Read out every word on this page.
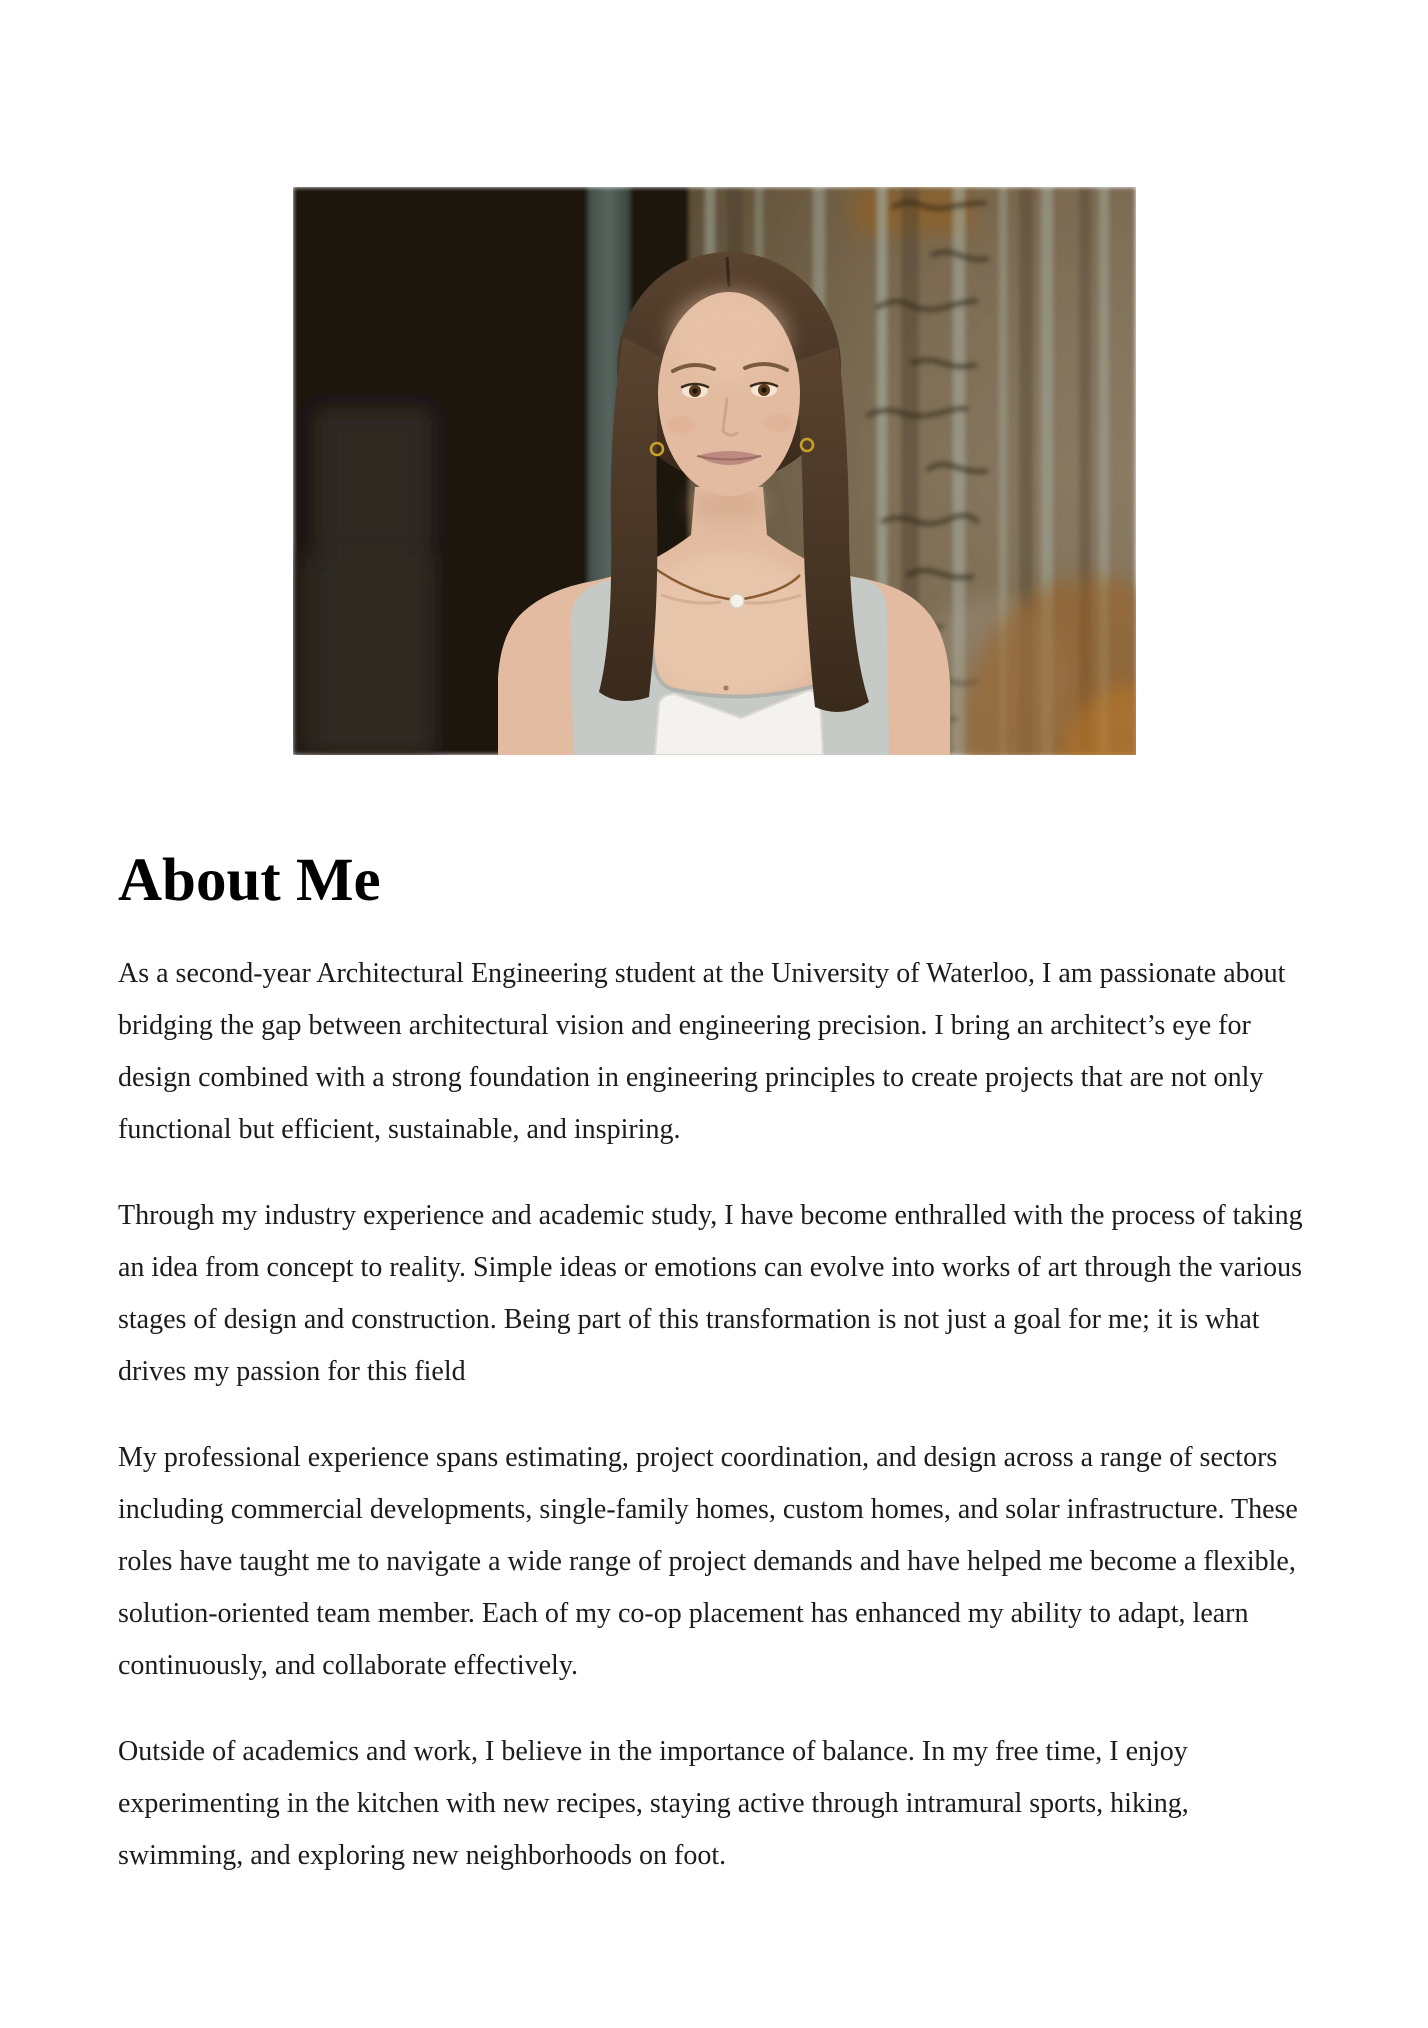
About Me

As a second-year Architectural Engineering student at the University of Waterloo, I am passionate about bridging the gap between architectural vision and engineering precision. I bring an architect’s eye for design combined with a strong foundation in engineering principles to create projects that are not only functional but efficient, sustainable, and inspiring.

Through my industry experience and academic study, I have become enthralled with the process of taking an idea from concept to reality. Simple ideas or emotions can evolve into works of art through the various stages of design and construction. Being part of this transformation is not just a goal for me; it is what drives my passion for this field

My professional experience spans estimating, project coordination, and design across a range of sectors including commercial developments, single-family homes, custom homes, and solar infrastructure. These roles have taught me to navigate a wide range of project demands and have helped me become a flexible, solution-oriented team member. Each of my co-op placement has enhanced my ability to adapt, learn continuously, and collaborate effectively.

Outside of academics and work, I believe in the importance of balance. In my free time, I enjoy experimenting in the kitchen with new recipes, staying active through intramural sports, hiking, swimming, and exploring new neighborhoods on foot.
